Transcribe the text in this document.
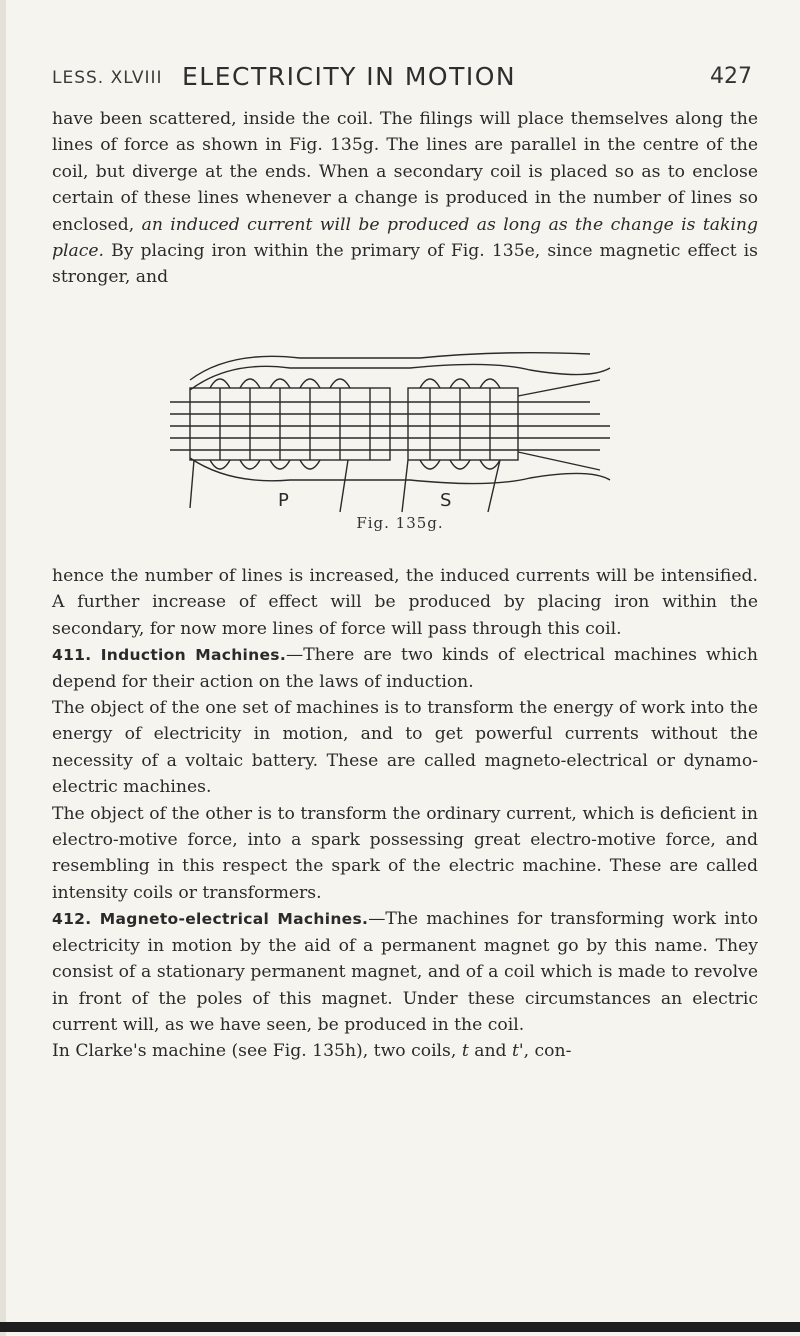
LESS. XLVIII ELECTRICITY IN MOTION	427

have been scattered, inside the coil. The filings will place themselves along the lines of force as shown in Fig. 135g. The lines are parallel in the centre of the coil, but diverge at the ends. When a secondary coil is placed so as to enclose certain of these lines whenever a change is produced in the number of lines so enclosed, an induced current will be produced as long as the change is taking place. By placing iron within the primary of Fig. 135e, since magnetic effect is stronger, and

P	S
Fig. 135g.

hence the number of lines is increased, the induced currents will be intensified. A further increase of effect will be produced by placing iron within the secondary, for now more lines of force will pass through this coil.

411. Induction Machines.—There are two kinds of electrical machines which depend for their action on the laws of induction.

The object of the one set of machines is to transform the energy of work into the energy of electricity in motion, and to get powerful currents without the necessity of a voltaic battery. These are called magneto-electrical or dynamo-electric machines.

The object of the other is to transform the ordinary current, which is deficient in electro-motive force, into a spark possessing great electro-motive force, and resembling in this respect the spark of the electric machine. These are called intensity coils or transformers.

412. Magneto-electrical Machines.—The machines for transforming work into electricity in motion by the aid of a permanent magnet go by this name. They consist of a stationary permanent magnet, and of a coil which is made to revolve in front of the poles of this magnet. Under these circumstances an electric current will, as we have seen, be produced in the coil.

In Clarke's machine (see Fig. 135h), two coils, t and t', con-
